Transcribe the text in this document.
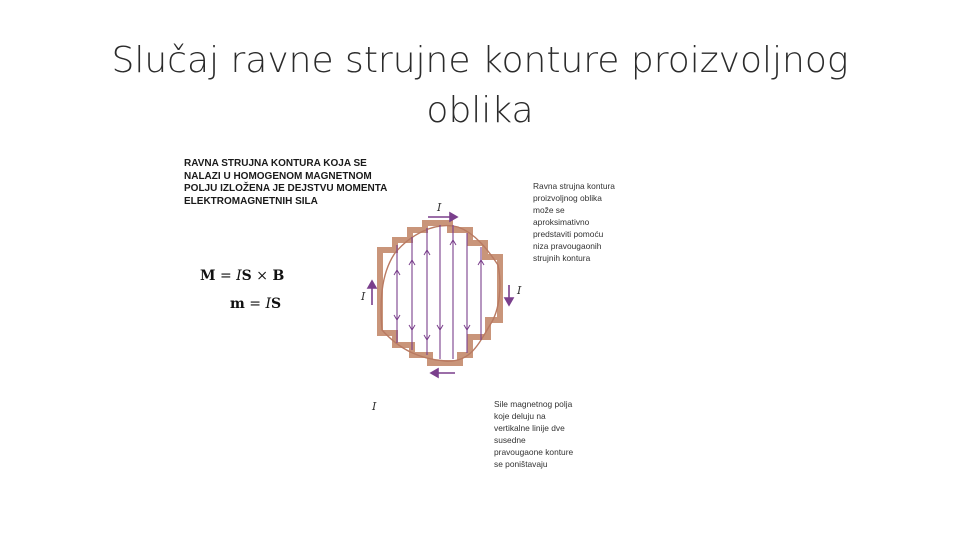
Slučaj ravne strujne konture proizvoljnog
oblika
RAVNA STRUJNA KONTURA KOJA SE
NALAZI U HOMOGENOM MAGNETNOM
POLJU IZLOŽENA JE DEJSTVU MOMENTA
ELEKTROMAGNETNIH SILA
M = IS × B
m = IS
I
I	I
I
Ravna strujna kontura
proizvoljnog oblika
može se
aproksimativno
predstaviti pomoću
niza pravougaonih
strujnih kontura
Sile magnetnog polja
koje deluju na
vertikalne linije dve
susedne
pravougaone konture
se poništavaju
